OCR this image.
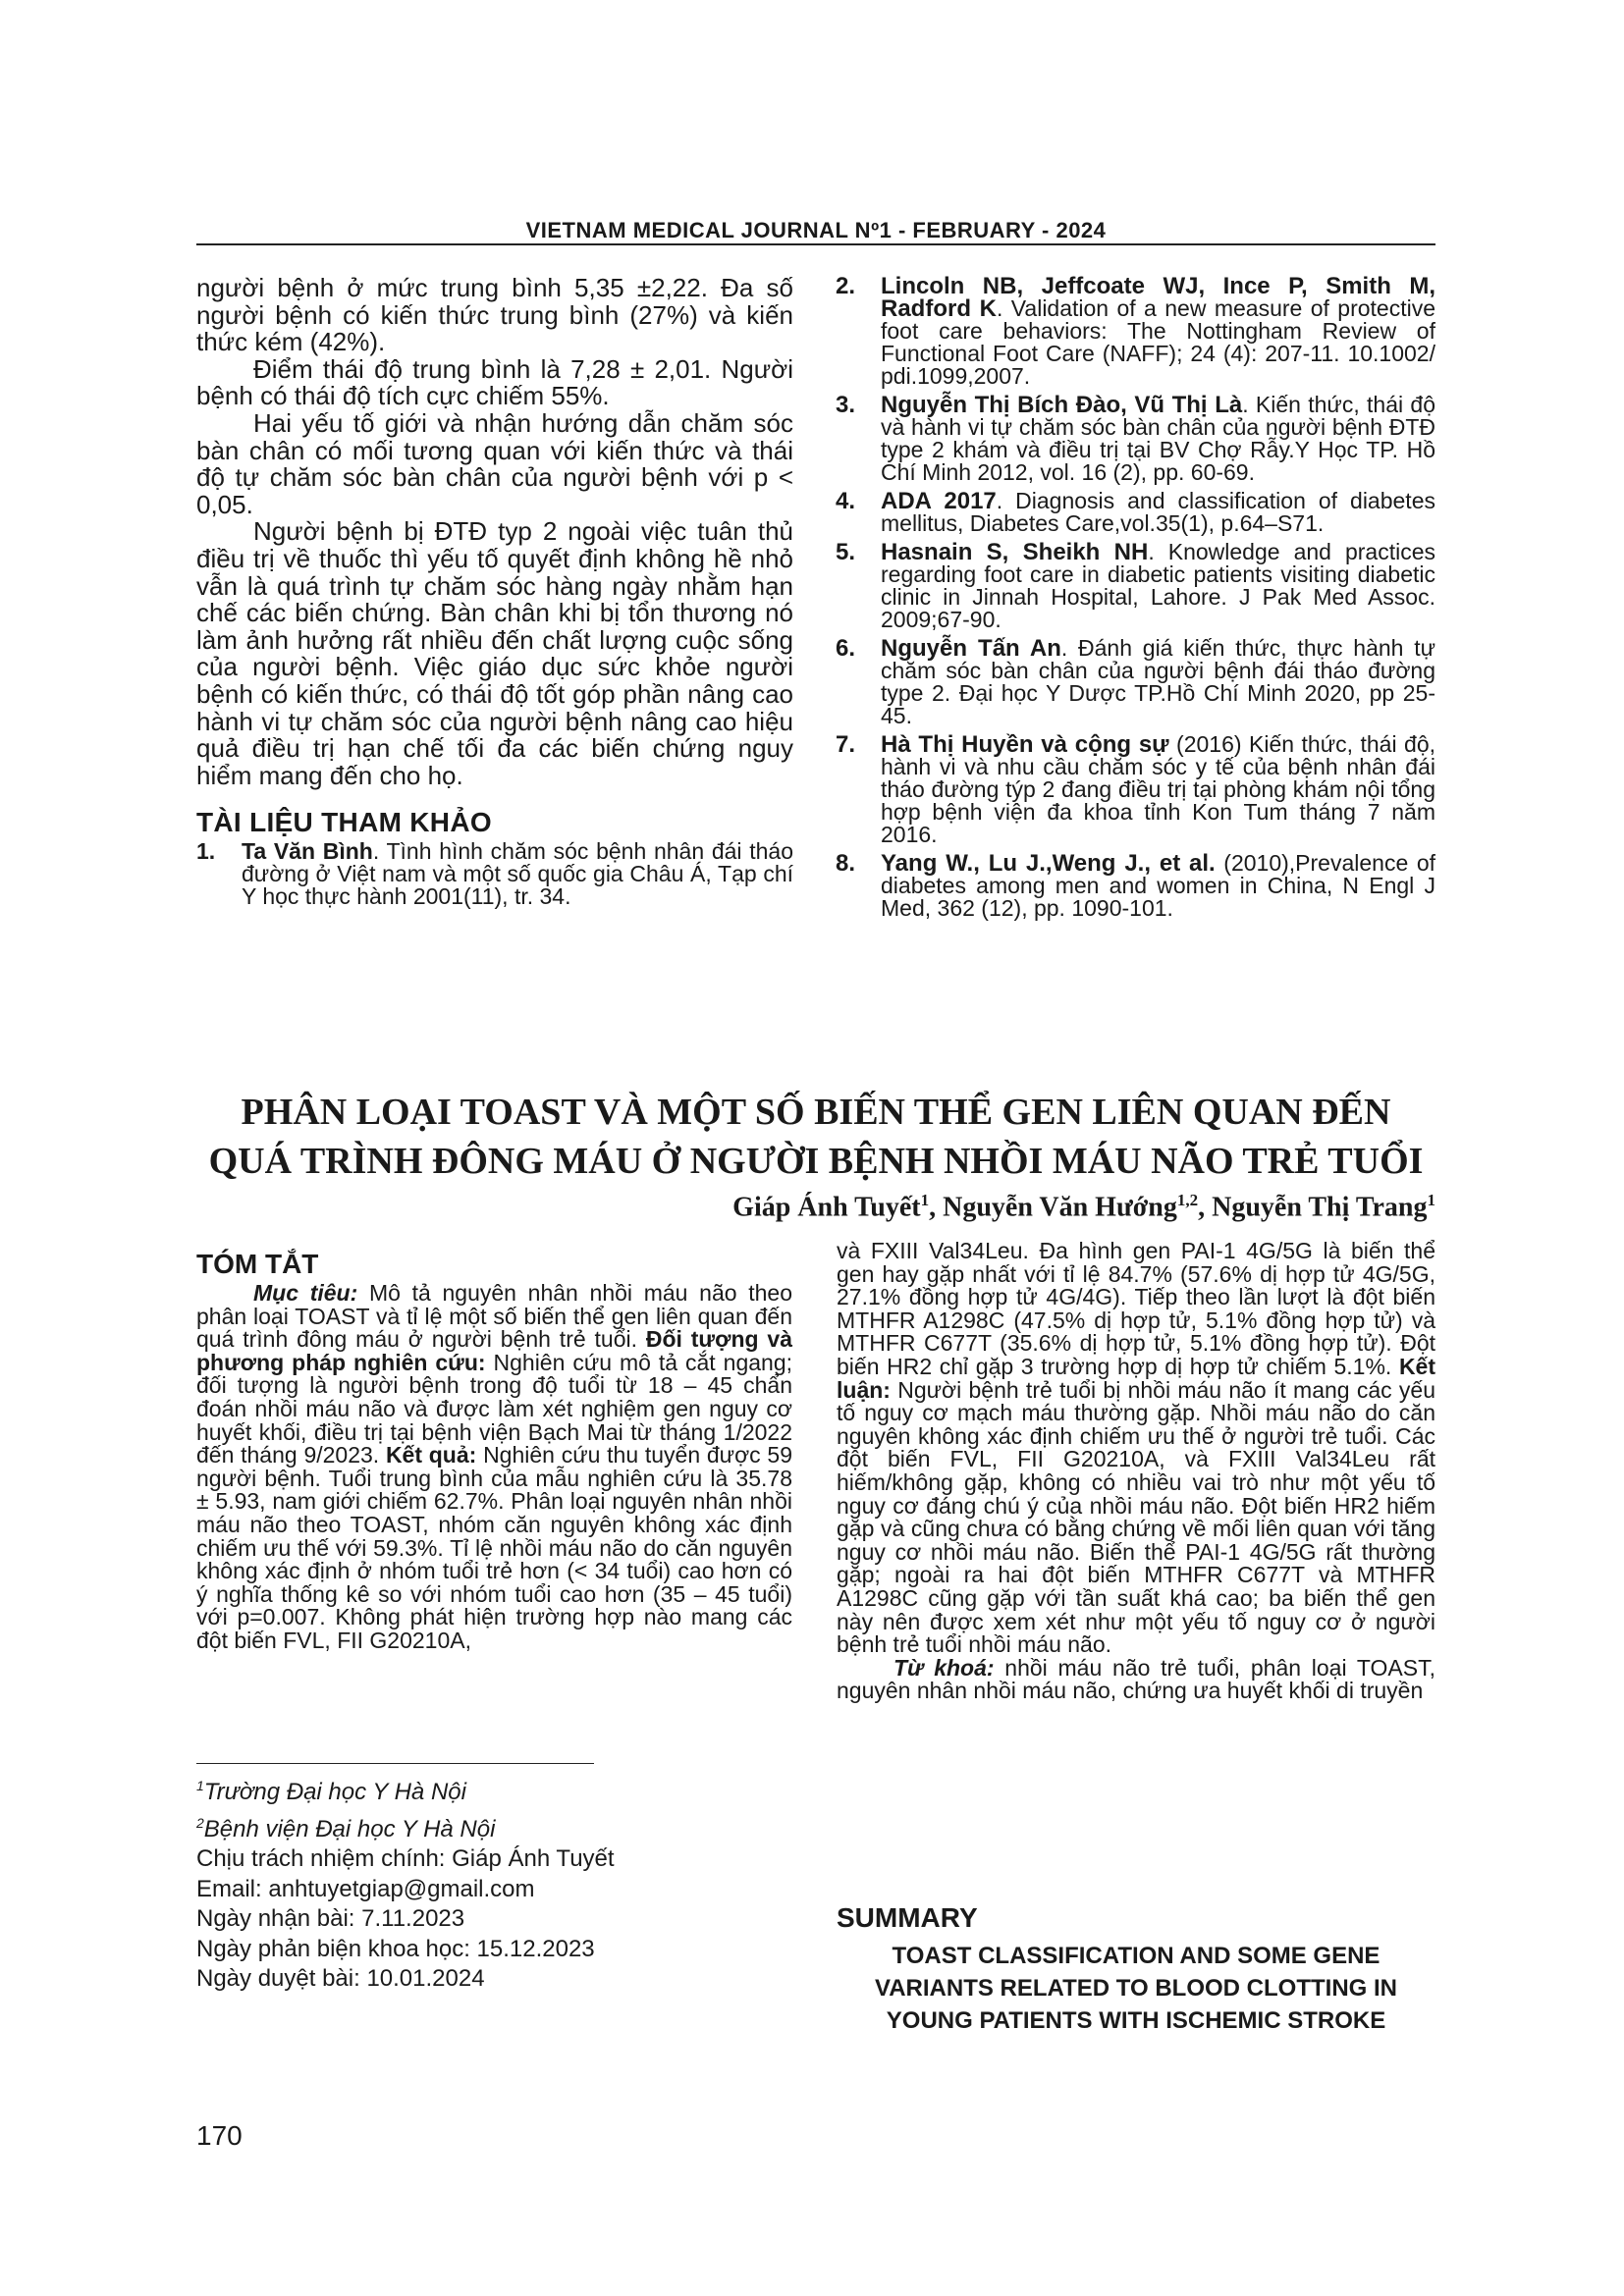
VIETNAM MEDICAL JOURNAL Nº1 - FEBRUARY - 2024

người bệnh ở mức trung bình 5,35 ±2,22. Đa số người bệnh có kiến thức trung bình (27%) và kiến thức kém (42%).

Điểm thái độ trung bình là 7,28 ± 2,01. Người bệnh có thái độ tích cực chiếm 55%.

Hai yếu tố giới và nhận hướng dẫn chăm sóc bàn chân có mối tương quan với kiến thức và thái độ tự chăm sóc bàn chân của người bệnh với p < 0,05.

Người bệnh bị ĐTĐ typ 2 ngoài việc tuân thủ điều trị về thuốc thì yếu tố quyết định không hề nhỏ vẫn là quá trình tự chăm sóc hàng ngày nhằm hạn chế các biến chứng. Bàn chân khi bị tổn thương nó làm ảnh hưởng rất nhiều đến chất lượng cuộc sống của người bệnh. Việc giáo dục sức khỏe người bệnh có kiến thức, có thái độ tốt góp phần nâng cao hành vi tự chăm sóc của người bệnh nâng cao hiệu quả điều trị hạn chế tối đa các biến chứng nguy hiểm mang đến cho họ.

TÀI LIỆU THAM KHẢO
1.	Ta Văn Bình. Tình hình chăm sóc bệnh nhân đái tháo đường ở Việt nam và một số quốc gia Châu Á, Tạp chí Y học thực hành 2001(11), tr. 34.
2.	Lincoln NB, Jeffcoate WJ, Ince P, Smith M, Radford K. Validation of a new measure of protective foot care behaviors: The Nottingham Review of Functional Foot Care (NAFF); 24 (4): 207-11. 10.1002/ pdi.1099,2007.
3.	Nguyễn Thị Bích Đào, Vũ Thị Là. Kiến thức, thái độ và hành vi tự chăm sóc bàn chân của người bệnh ĐTĐ type 2 khám và điều trị tại BV Chợ Rẫy.Y Học TP. Hồ Chí Minh 2012, vol. 16 (2), pp. 60-69.
4.	ADA 2017. Diagnosis and classification of diabetes mellitus, Diabetes Care,vol.35(1), p.64–S71.
5.	Hasnain S, Sheikh NH. Knowledge and practices regarding foot care in diabetic patients visiting diabetic clinic in Jinnah Hospital, Lahore. J Pak Med Assoc. 2009;67-90.
6.	Nguyễn Tấn An. Đánh giá kiến thức, thực hành tự chăm sóc bàn chân của người bệnh đái tháo đường type 2. Đại học Y Dược TP.Hồ Chí Minh 2020, pp 25-45.
7.	Hà Thị Huyền và cộng sự (2016) Kiến thức, thái độ, hành vi và nhu cầu chăm sóc y tế của bệnh nhân đái tháo đường týp 2 đang điều trị tại phòng khám nội tổng hợp bệnh viện đa khoa tỉnh Kon Tum tháng 7 năm 2016.
8.	Yang W., Lu J.,Weng J., et al. (2010),Prevalence of diabetes among men and women in China, N Engl J Med, 362 (12), pp. 1090-101.
PHÂN LOẠI TOAST VÀ MỘT SỐ BIẾN THỂ GEN LIÊN QUAN ĐẾN
QUÁ TRÌNH ĐÔNG MÁU Ở NGƯỜI BỆNH NHỒI MÁU NÃO TRẺ TUỔI
Giáp Ánh Tuyết$^1$, Nguyễn Văn Hướng$^{1,2}$, Nguyễn Thị Trang$^1$
TÓM TẮT

Mục tiêu: Mô tả nguyên nhân nhồi máu não theo phân loại TOAST và tỉ lệ một số biến thể gen liên quan đến quá trình đông máu ở người bệnh trẻ tuổi. Đối tượng và phương pháp nghiên cứu: Nghiên cứu mô tả cắt ngang; đối tượng là người bệnh trong độ tuổi từ 18 – 45 chẩn đoán nhồi máu não và được làm xét nghiệm gen nguy cơ huyết khối, điều trị tại bệnh viện Bạch Mai từ tháng 1/2022 đến tháng 9/2023. Kết quả: Nghiên cứu thu tuyển được 59 người bệnh. Tuổi trung bình của mẫu nghiên cứu là 35.78 ± 5.93, nam giới chiếm 62.7%. Phân loại nguyên nhân nhồi máu não theo TOAST, nhóm căn nguyên không xác định chiếm ưu thế với 59.3%. Tỉ lệ nhồi máu não do căn nguyên không xác định ở nhóm tuổi trẻ hơn (< 34 tuổi) cao hơn có ý nghĩa thống kê so với nhóm tuổi cao hơn (35 – 45 tuổi) với p=0.007. Không phát hiện trường hợp nào mang các đột biến FVL, FII G20210A,

và FXIII Val34Leu. Đa hình gen PAI-1 4G/5G là biến thể gen hay gặp nhất với tỉ lệ 84.7% (57.6% dị hợp tử 4G/5G, 27.1% đồng hợp tử 4G/4G). Tiếp theo lần lượt là đột biến MTHFR A1298C (47.5% dị hợp tử, 5.1% đồng hợp tử) và MTHFR C677T (35.6% dị hợp tử, 5.1% đồng hợp tử). Đột biến HR2 chỉ gặp 3 trường hợp dị hợp tử chiếm 5.1%. Kết luận: Người bệnh trẻ tuổi bị nhồi máu não ít mang các yếu tố nguy cơ mạch máu thường gặp. Nhồi máu não do căn nguyên không xác định chiếm ưu thế ở người trẻ tuổi. Các đột biến FVL, FII G20210A, và FXIII Val34Leu rất hiếm/không gặp, không có nhiều vai trò như một yếu tố nguy cơ đáng chú ý của nhồi máu não. Đột biến HR2 hiếm gặp và cũng chưa có bằng chứng về mối liên quan với tăng nguy cơ nhồi máu não. Biến thể PAI-1 4G/5G rất thường gặp; ngoài ra hai đột biến MTHFR C677T và MTHFR A1298C cũng gặp với tần suất khá cao; ba biến thể gen này nên được xem xét như một yếu tố nguy cơ ở người bệnh trẻ tuổi nhồi máu não.

Từ khoá: nhồi máu não trẻ tuổi, phân loại TOAST, nguyên nhân nhồi máu não, chứng ưa huyết khối di truyền

$^1$Trường Đại học Y Hà Nội
$^2$Bệnh viện Đại học Y Hà Nội
Chịu trách nhiệm chính: Giáp Ánh Tuyết
Email: anhtuyetgiap@gmail.com
Ngày nhận bài: 7.11.2023
Ngày phản biện khoa học: 15.12.2023
Ngày duyệt bài: 10.01.2024
SUMMARY
TOAST CLASSIFICATION AND SOME GENE
VARIANTS RELATED TO BLOOD CLOTTING IN
YOUNG PATIENTS WITH ISCHEMIC STROKE
170
